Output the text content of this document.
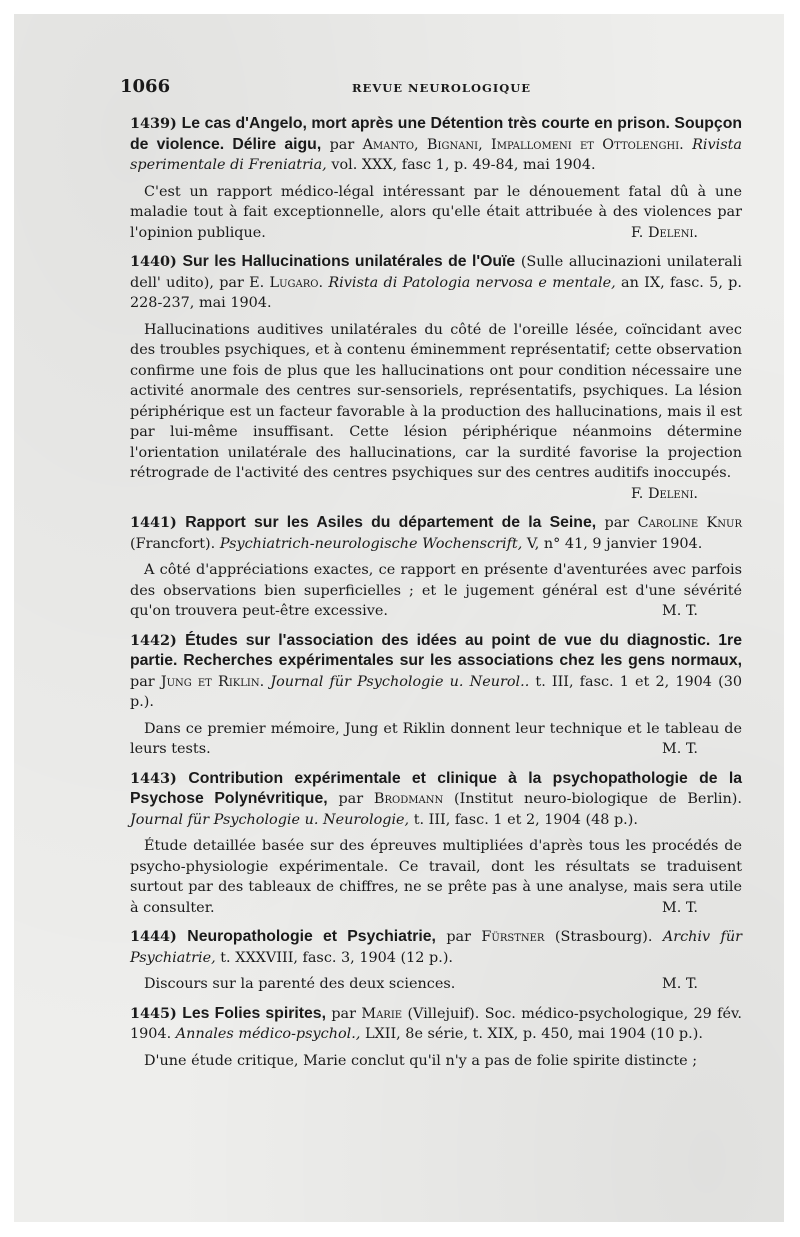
1066	REVUE NEUROLOGIQUE

1439) Le cas d'Angelo, mort après une Détention très courte en prison. Soupçon de violence. Délire aigu, par Amanto, Bignani, Impallomeni et Ottolenghi. Rivista sperimentale di Freniatria, vol. XXX, fasc 1, p. 49-84, mai 1904.

C'est un rapport médico-légal intéressant par le dénouement fatal dû à une maladie tout à fait exceptionnelle, alors qu'elle était attribuée à des violences par l'opinion publique.	F. Deleni.

1440) Sur les Hallucinations unilatérales de l'Ouïe (Sulle allucinazioni unilaterali dell' udito), par E. Lugaro. Rivista di Patologia nervosa e mentale, an IX, fasc. 5, p. 228-237, mai 1904.

Hallucinations auditives unilatérales du côté de l'oreille lésée, coïncidant avec des troubles psychiques, et à contenu éminemment représentatif; cette observation confirme une fois de plus que les hallucinations ont pour condition nécessaire une activité anormale des centres sur-sensoriels, représentatifs, psychiques. La lésion périphérique est un facteur favorable à la production des hallucinations, mais il est par lui-même insuffisant. Cette lésion périphérique néanmoins détermine l'orientation unilatérale des hallucinations, car la surdité favorise la projection rétrograde de l'activité des centres psychiques sur des centres auditifs inoccupés.
F. Deleni.

1441) Rapport sur les Asiles du département de la Seine, par Caroline Knur (Francfort). Psychiatrich-neurologische Wochenscrift, V, n° 41, 9 janvier 1904.

A côté d'appréciations exactes, ce rapport en présente d'aventurées avec parfois des observations bien superficielles ; et le jugement général est d'une sévérité qu'on trouvera peut-être excessive.	M. T.

1442) Études sur l'association des idées au point de vue du diagnostic. 1re partie. Recherches expérimentales sur les associations chez les gens normaux, par Jung et Riklin. Journal für Psychologie u. Neurol.. t. III, fasc. 1 et 2, 1904 (30 p.).

Dans ce premier mémoire, Jung et Riklin donnent leur technique et le tableau de leurs tests.	M. T.

1443) Contribution expérimentale et clinique à la psychopathologie de la Psychose Polynévritique, par Brodmann (Institut neuro-biologique de Berlin). Journal für Psychologie u. Neurologie, t. III, fasc. 1 et 2, 1904 (48 p.).

Étude detaillée basée sur des épreuves multipliées d'après tous les procédés de psycho-physiologie expérimentale. Ce travail, dont les résultats se traduisent surtout par des tableaux de chiffres, ne se prête pas à une analyse, mais sera utile à consulter.	M. T.

1444) Neuropathologie et Psychiatrie, par Fürstner (Strasbourg). Archiv für Psychiatrie, t. XXXVIII, fasc. 3, 1904 (12 p.).

Discours sur la parenté des deux sciences.	M. T.

1445) Les Folies spirites, par Marie (Villejuif). Soc. médico-psychologique, 29 fév. 1904. Annales médico-psychol., LXII, 8e série, t. XIX, p. 450, mai 1904 (10 p.).

D'une étude critique, Marie conclut qu'il n'y a pas de folie spirite distincte ;
